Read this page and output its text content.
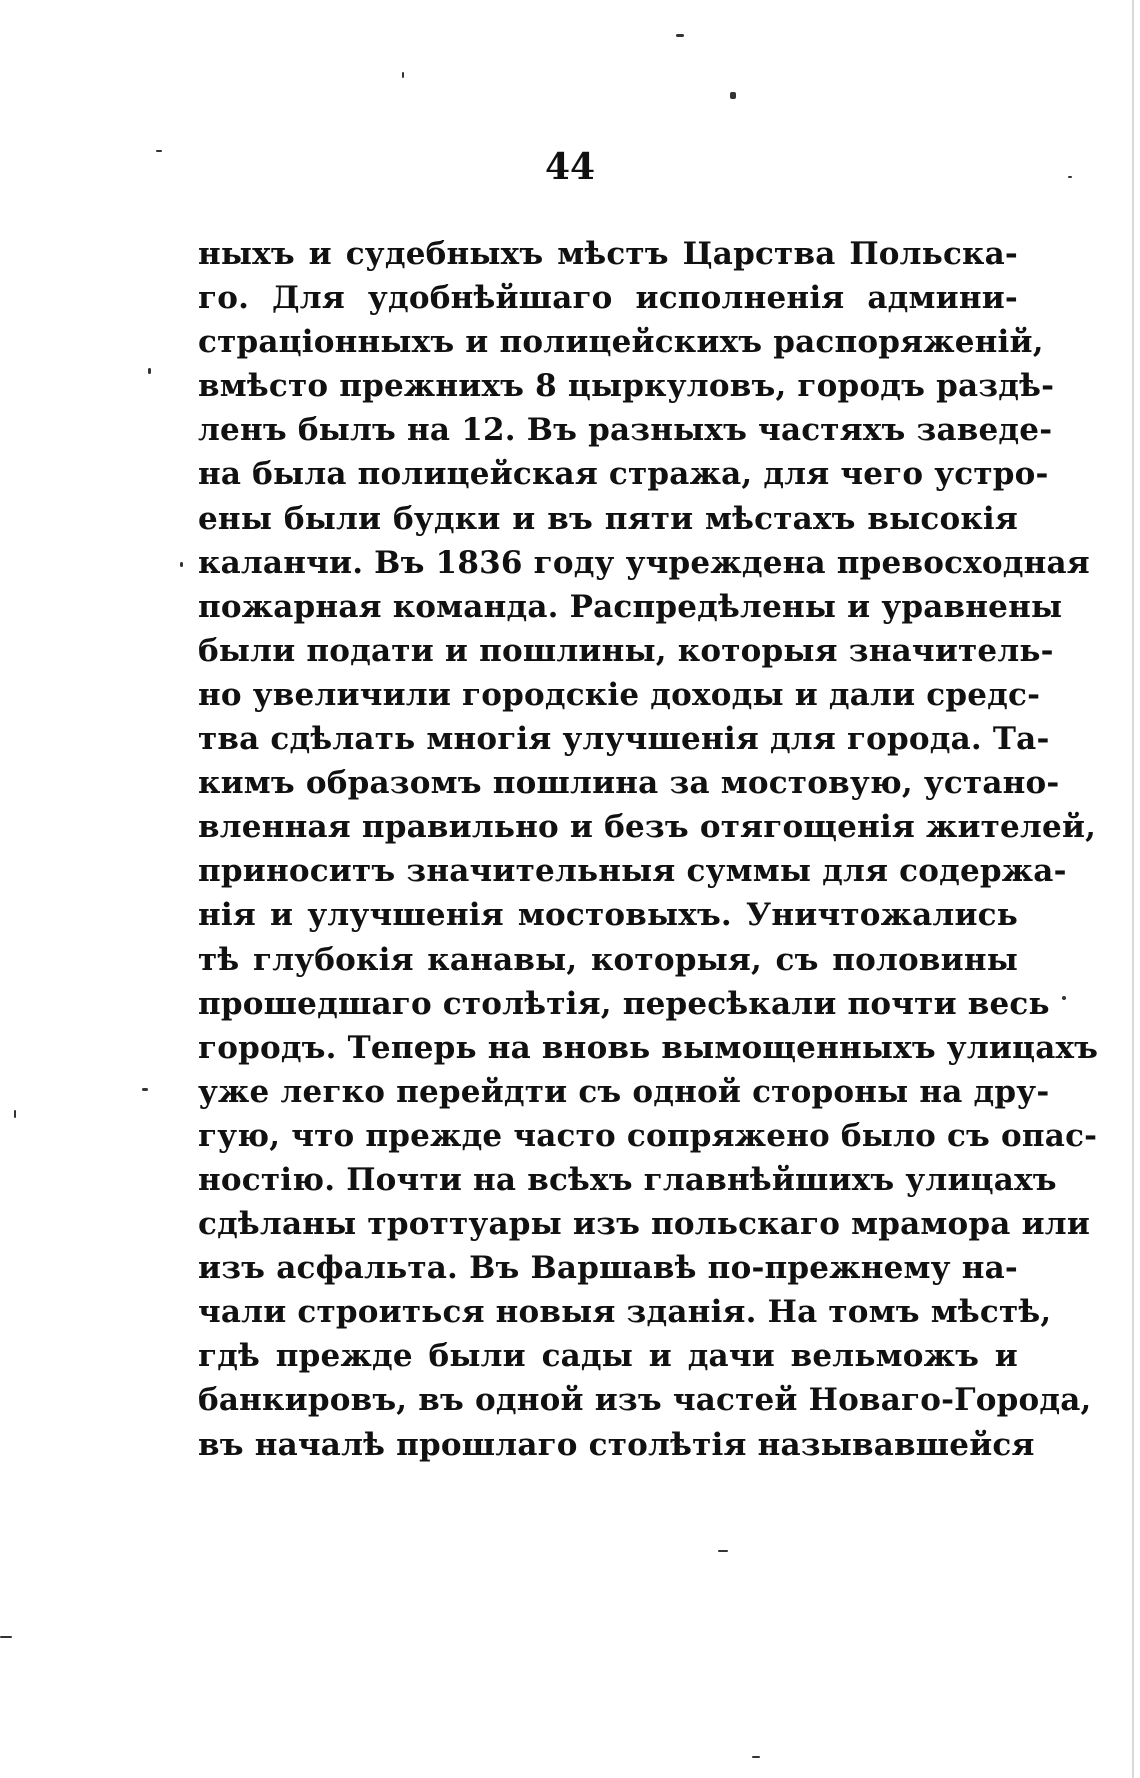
44
ныхъ и судебныхъ мѣстъ Царства Польска-
го. Для удобнѣйшаго исполненія админи-
страціонныхъ и полицейскихъ распоряженій,
вмѣсто прежнихъ 8 цыркуловъ, городъ раздѣ-
ленъ былъ на 12. Въ разныхъ частяхъ заведе-
на была полицейская стража, для чего устро-
ены были будки и въ пяти мѣстахъ высокія
каланчи. Въ 1836 году учреждена превосходная
пожарная команда. Распредѣлены и уравнены
были подати и пошлины, которыя значитель-
но увеличили городскіе доходы и дали средс-
тва сдѣлать многія улучшенія для города. Та-
кимъ образомъ пошлина за мостовую, устано-
вленная правильно и безъ отягощенія жителей,
приноситъ значительныя суммы для содержа-
нія и улучшенія мостовыхъ. Уничтожались
тѣ глубокія канавы, которыя, съ половины
прошедшаго столѣтія, пересѣкали почти весь
городъ. Теперь на вновь вымощенныхъ улицахъ
уже легко перейдти съ одной стороны на дру-
гую, что прежде часто сопряжено было съ опас-
ностію. Почти на всѣхъ главнѣйшихъ улицахъ
сдѣланы троттуары изъ польскаго мрамора или
изъ асфальта. Въ Варшавѣ по-прежнему на-
чали строиться новыя зданія. На томъ мѣстѣ,
гдѣ прежде были сады и дачи вельможъ и
банкировъ, въ одной изъ частей Новаго-Города,
въ началѣ прошлаго столѣтія называвшейся
